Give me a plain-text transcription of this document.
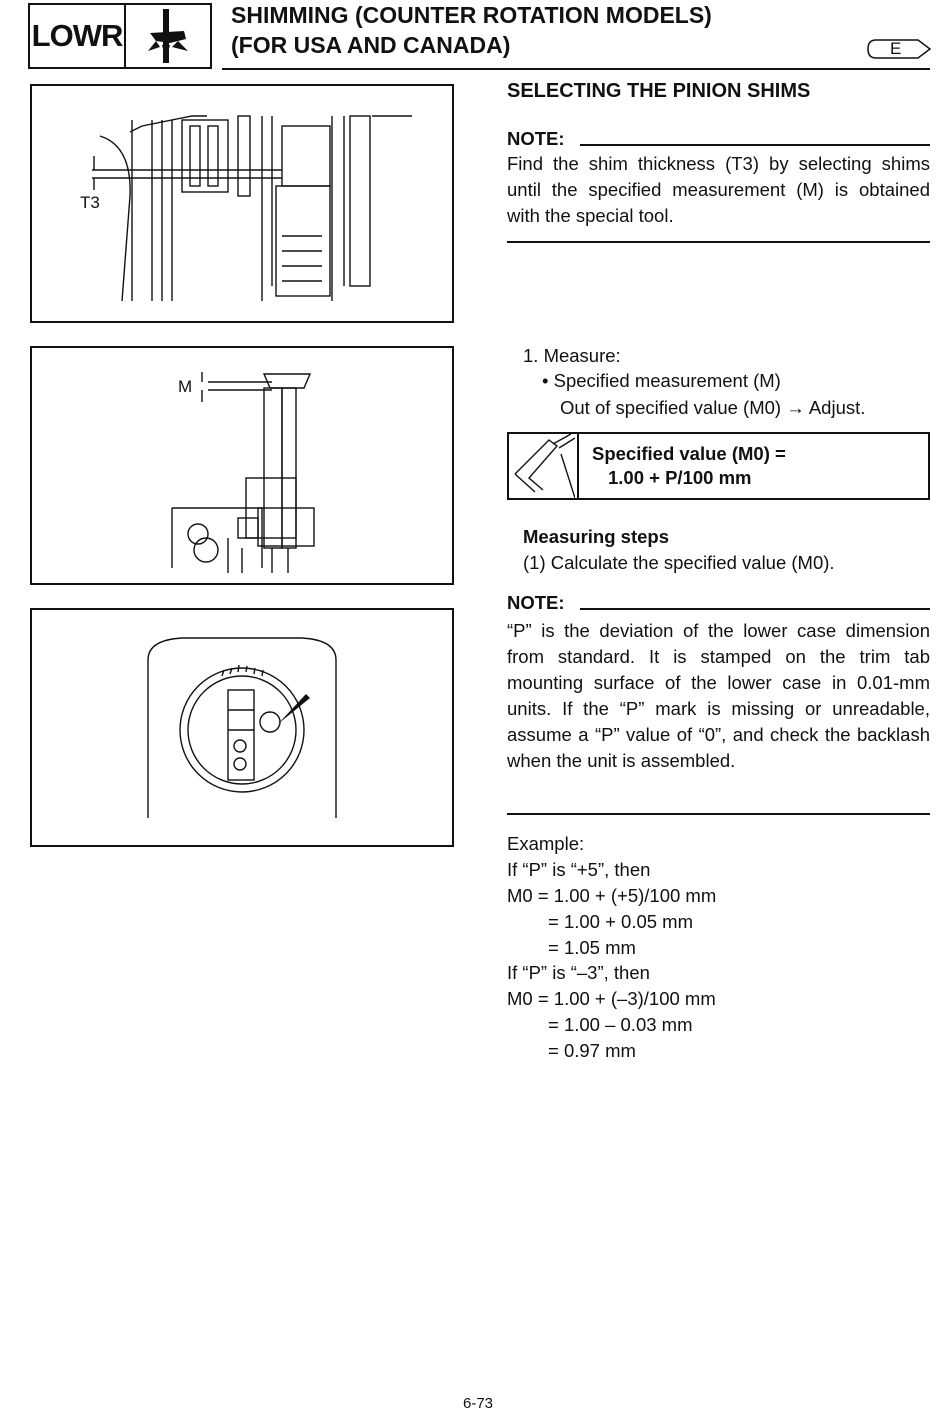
LOWR
SHIMMING (COUNTER ROTATION MODELS)
(FOR USA AND CANADA)	E
T3
M
SELECTING THE PINION SHIMS
NOTE:
Find the shim thickness (T3) by selecting shims until the specified measurement (M) is obtained with the special tool.
1. Measure:
• Specified measurement (M)
Out of specified value (M0) → Adjust.
Specified value (M0) =
1.00 + P/100 mm
Measuring steps
(1) Calculate the specified value (M0).
NOTE:
“P” is the deviation of the lower case dimension from standard. It is stamped on the trim tab mounting surface of the lower case in 0.01-mm units. If the “P” mark is missing or unreadable, assume a “P” value of “0”, and check the backlash when the unit is assembled.
Example:
If “P” is “+5”, then
M0 = 1.00 + (+5)/100 mm
= 1.00 + 0.05 mm
= 1.05 mm
If “P” is “–3”, then
M0 = 1.00 + (–3)/100 mm
= 1.00 – 0.03 mm
= 0.97 mm
6-73
